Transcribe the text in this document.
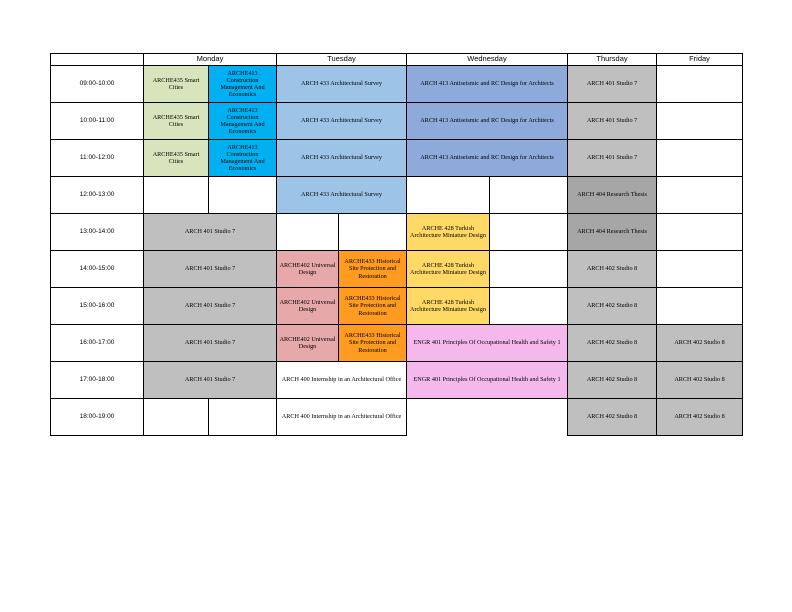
	Monday		Tuesday		Wednesday		Thursday	Friday
09:00-10:00	ARCHE435 Smart Cities	ARCHE413 Construction Management And Economics	ARCH 433 Architectural Survey		ARCH 413 Antiseismic and RC Design for Architects		ARCH 401 Studio 7	
10:00-11:00	ARCHE435 Smart Cities	ARCHE413 Construction Management And Economics	ARCH 433 Architectural Survey		ARCH 413 Antiseismic and RC Design for Architects		ARCH 401 Studio 7	
11:00-12:00	ARCHE435 Smart Cities	ARCHE413 Construction Management And Economics	ARCH 433 Architectural Survey		ARCH 413 Antiseismic and RC Design for Architects		ARCH 401 Studio 7	
12:00-13:00			ARCH 433 Architectural Survey				ARCH 404 Research Thesis	
13:00-14:00	ARCH 401 Studio 7				ARCHE 428 Turkish Architecture Miniature Design		ARCH 404 Research Thesis	
14:00-15:00	ARCH 401 Studio 7		ARCHE402 Universal Design	ARCHE433 Historical Site Protection and Restoration	ARCHE 428 Turkish Architecture Miniature Design		ARCH 402 Studio 8	
15:00-16:00	ARCH 401 Studio 7		ARCHE402 Universal Design	ARCHE433 Historical Site Protection and Restoration	ARCHE 428 Turkish Architecture Miniature Design		ARCH 402 Studio 8	
16:00-17:00	ARCH 401 Studio 7		ARCHE402 Universal Design	ARCHE433 Historical Site Protection and Restoration	ENGR 401 Principles Of Occupational Health and Safety 1		ARCH 402 Studio 8	ARCH 402 Studio 8
17:00-18:00	ARCH 401 Studio 7		ARCH 400 Internship in an Architectural Office		ENGR 401 Principles Of Occupational Health and Safety 1		ARCH 402 Studio 8	ARCH 402 Studio 8
18:00-19:00			ARCH 400 Internship in an Architectural Office				ARCH 402 Studio 8	ARCH 402 Studio 8
